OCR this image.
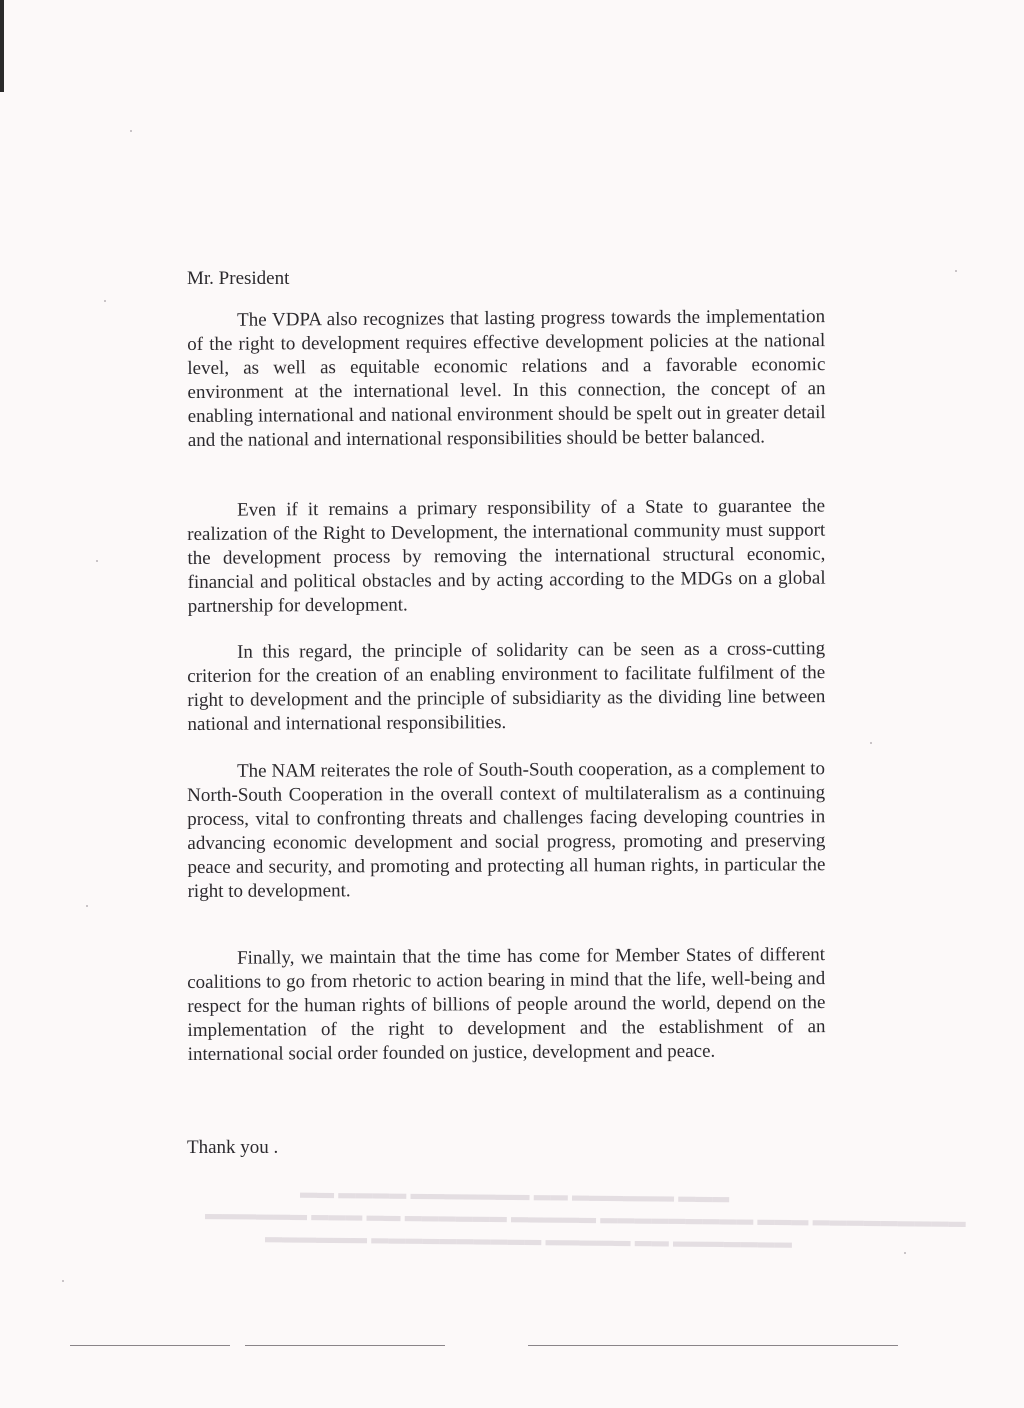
▬▬▬ ▬▬▬▬▬▬ ▬▬ ▬▬▬▬▬▬▬ ▬▬▬▬ ▬▬
▬▬▬▬▬▬▬▬▬ ▬▬▬ ▬▬▬▬▬▬▬▬▬ ▬▬▬▬▬ ▬▬▬▬▬▬ ▬▬ ▬▬▬ ▬▬▬▬▬▬
▬▬▬▬▬▬▬ ▬▬ ▬▬▬▬▬ ▬▬▬▬▬▬▬▬▬▬ ▬▬▬▬▬▬
Mr. President
The VDPA also recognizes that lasting progress towards the implementation of the right to development requires effective development policies at the national level, as well as equitable economic relations and a favorable economic environment at the international level. In this connection, the concept of an enabling international and national environment should be spelt out in greater detail and the national and international responsibilities should be better balanced.
Even if it remains a primary responsibility of a State to guarantee the realization of the Right to Development, the international community must support the development process by removing the international structural economic, financial and political obstacles and by acting according to the MDGs on a global partnership for development.
In this regard, the principle of solidarity can be seen as a cross-cutting criterion for the creation of an enabling environment to facilitate fulfilment of the right to development and the principle of subsidiarity as the dividing line between national and international responsibilities.
The NAM reiterates the role of South-South cooperation, as a complement to North-South Cooperation in the overall context of multilateralism as a continuing process, vital to confronting threats and challenges facing developing countries in advancing economic development and social progress, promoting and preserving peace and security, and promoting and protecting all human rights, in particular the right to development.
Finally, we maintain that the time has come for Member States of different coalitions to go from rhetoric to action bearing in mind that the life, well-being and respect for the human rights of billions of people around the world, depend on the implementation of the right to development and the establishment of an international social order founded on justice, development and peace.
Thank you .
